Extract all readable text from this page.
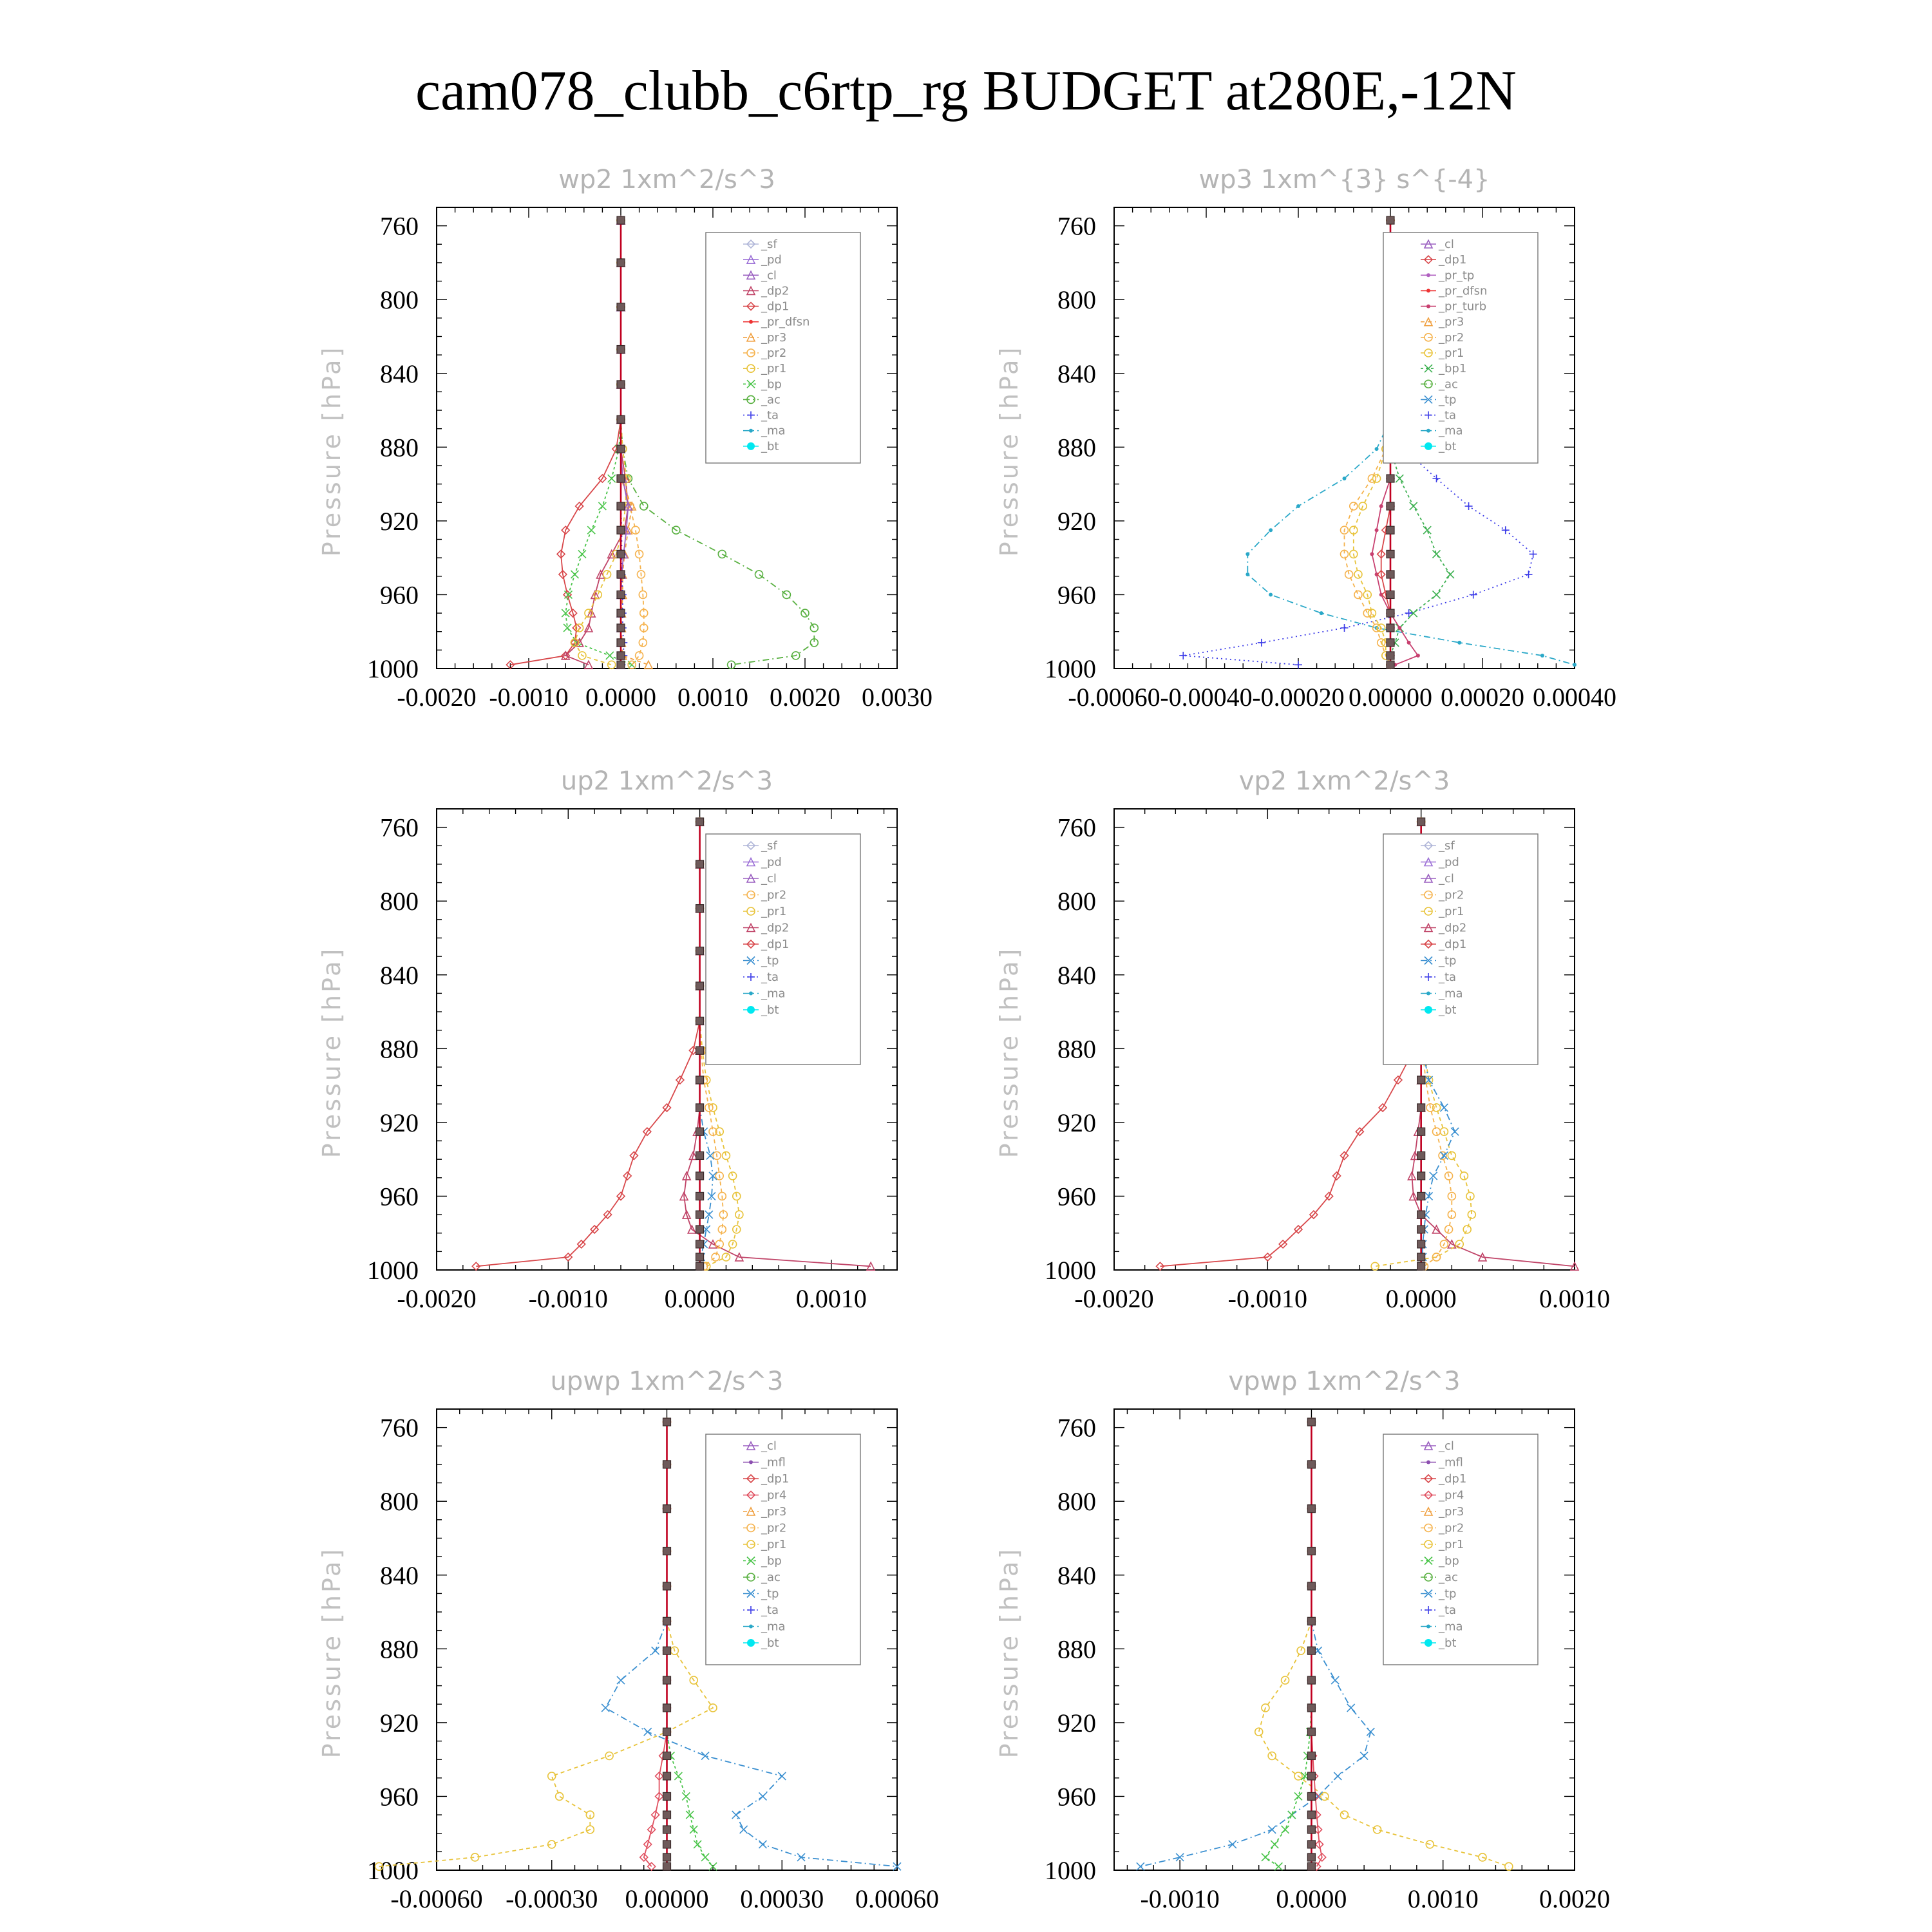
cam078_clubb_c6rtp_rg BUDGET at280E,-12N
wp2 1xm^2/s^3
Pressure [hPa]
760
800
840
880
920
960
1000
-0.0020 -0.0010 0.0000 0.0010 0.0020 0.0030
_sf
_pd
_cl
_dp2
_dp1
_pr_dfsn
_pr3
_pr2
_pr1
_bp
_ac
_ta
_ma
_bt
wp3 1xm^{3} s^{-4}
Pressure [hPa]
760
800
840
880
920
960
1000
-0.00060 -0.00040 -0.00020 0.00000 0.00020 0.00040
_cl
_dp1
_pr_tp
_pr_dfsn
_pr_turb
_pr3
_pr2
_pr1
_bp1
_ac
_tp
_ta
_ma
_bt
up2 1xm^2/s^3
Pressure [hPa]
760
800
840
880
920
960
1000
-0.0020 -0.0010 0.0000 0.0010
_sf
_pd
_cl
_pr2
_pr1
_dp2
_dp1
_tp
_ta
_ma
_bt
vp2 1xm^2/s^3
Pressure [hPa]
760
800
840
880
920
960
1000
-0.0020	-0.0010	0.0000	0.0010
_sf
_pd
_cl
_pr2
_pr1
_dp2
_dp1
_tp
_ta
_ma
_bt
upwp 1xm^2/s^3
Pressure [hPa]
760
800
840
880
920
960
1000
-0.00060 -0.00030 0.00000 0.00030 0.00060
_cl
_mfl
_dp1
_pr4
_pr3
_pr2
_pr1
_bp
_ac
_tp
_ta
_ma
_bt
vpwp 1xm^2/s^3
Pressure [hPa]
760
800
840
880
920
960
1000
-0.0010 0.0000 0.0010 0.0020
_cl
_mfl
_dp1
_pr4
_pr3
_pr2
_pr1
_bp
_ac
_tp
_ta
_ma
_bt
